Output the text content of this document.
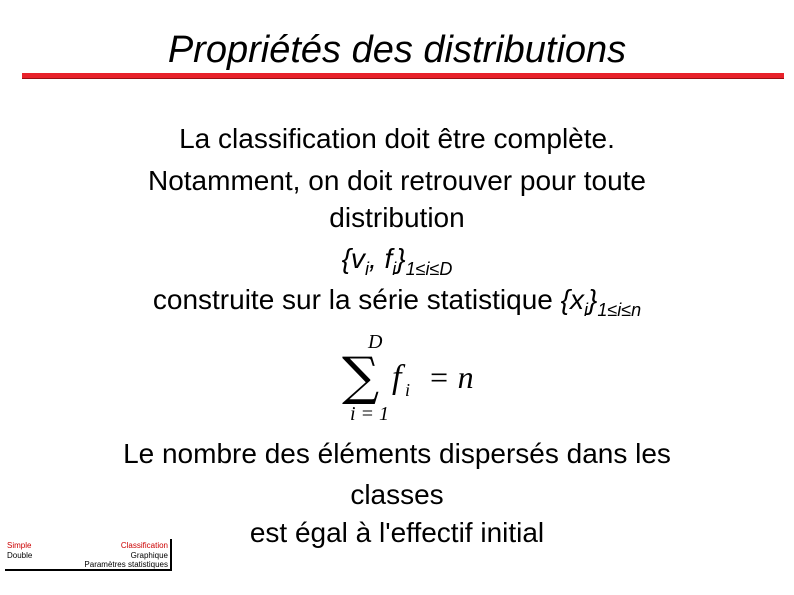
Propriétés des distributions
La classification doit être complète.
Notamment, on doit retrouver pour toute
distribution
{$v_i$, $f_i\}_{1\le i\le D}$
construite sur la série statistique $\{x_i\}_{1\le i\le n}$
D
∑
i = 1
f i = n
Le nombre des éléments dispersés dans les
classes
est égal à l'effectif initial
Simple
Double
Classification
Graphique
Paramètres statistiques
